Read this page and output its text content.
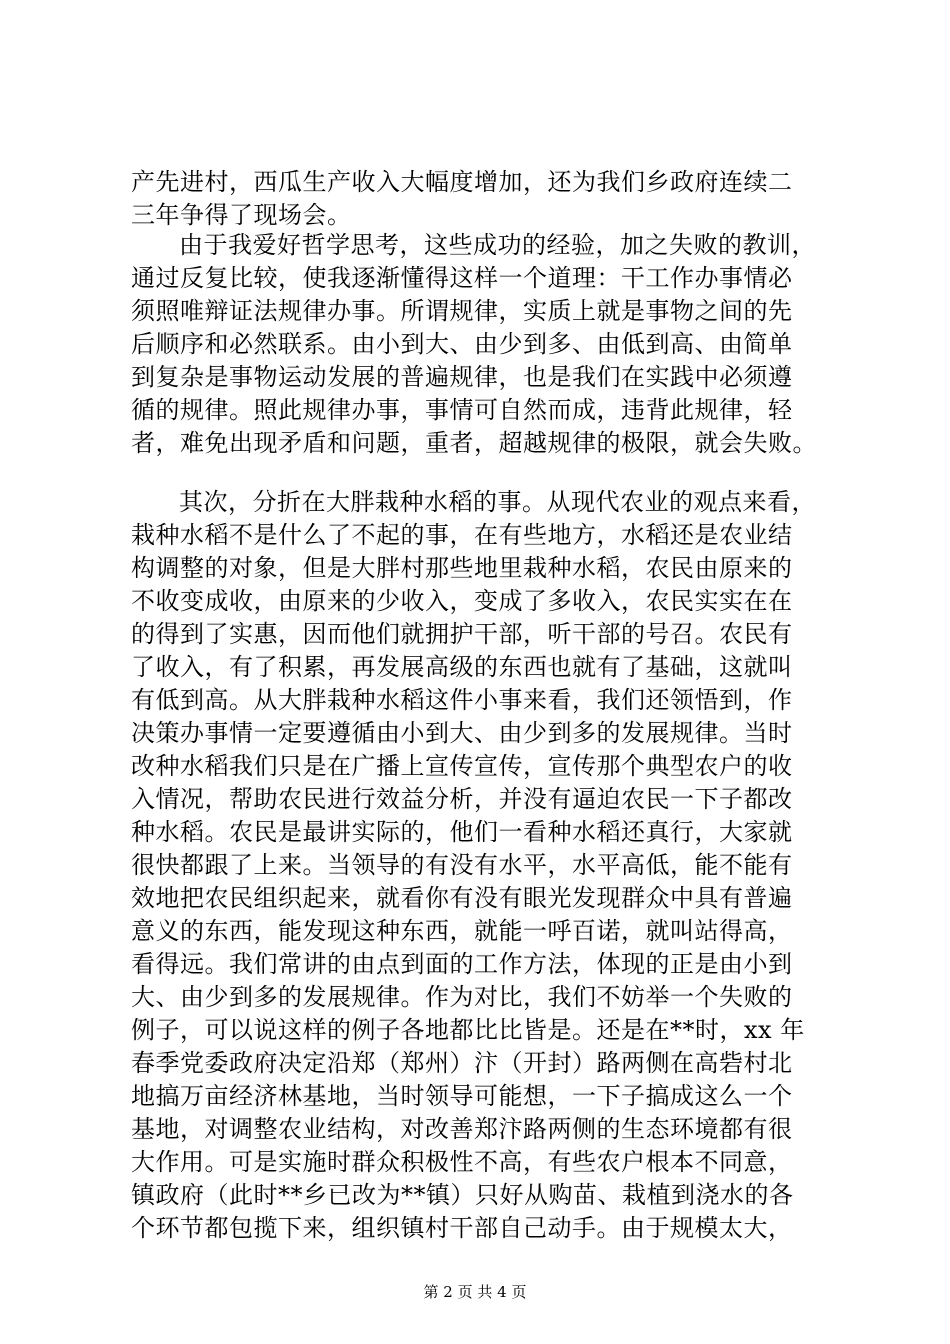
产先进村，西瓜生产收入大幅度增加，还为我们乡政府连续二
三年争得了现场会。
由于我爱好哲学思考，这些成功的经验，加之失败的教训，
通过反复比较，使我逐渐懂得这样一个道理：干工作办事情必
须照唯辩证法规律办事。所谓规律，实质上就是事物之间的先
后顺序和必然联系。由小到大、由少到多、由低到高、由简单
到复杂是事物运动发展的普遍规律，也是我们在实践中必须遵
循的规律。照此规律办事，事情可自然而成，违背此规律，轻
者，难免出现矛盾和问题，重者，超越规律的极限，就会失败。
其次，分折在大胖栽种水稻的事。从现代农业的观点来看，
栽种水稻不是什么了不起的事，在有些地方，水稻还是农业结
构调整的对象，但是大胖村那些地里栽种水稻，农民由原来的
不收变成收，由原来的少收入，变成了多收入，农民实实在在
的得到了实惠，因而他们就拥护干部，听干部的号召。农民有
了收入，有了积累，再发展高级的东西也就有了基础，这就叫
有低到高。从大胖栽种水稻这件小事来看，我们还领悟到，作
决策办事情一定要遵循由小到大、由少到多的发展规律。当时
改种水稻我们只是在广播上宣传宣传，宣传那个典型农户的收
入情况，帮助农民进行效益分析，并没有逼迫农民一下子都改
种水稻。农民是最讲实际的，他们一看种水稻还真行，大家就
很快都跟了上来。当领导的有没有水平，水平高低，能不能有
效地把农民组织起来，就看你有没有眼光发现群众中具有普遍
意义的东西，能发现这种东西，就能一呼百诺，就叫站得高，
看得远。我们常讲的由点到面的工作方法，体现的正是由小到
大、由少到多的发展规律。作为对比，我们不妨举一个失败的
例子，可以说这样的例子各地都比比皆是。还是在**时，xx 年
春季党委政府决定沿郑（郑州）汴（开封）路两侧在高砦村北
地搞万亩经济林基地，当时领导可能想，一下子搞成这么一个
基地，对调整农业结构，对改善郑汴路两侧的生态环境都有很
大作用。可是实施时群众积极性不高，有些农户根本不同意，
镇政府（此时**乡已改为**镇）只好从购苗、栽植到浇水的各
个环节都包揽下来，组织镇村干部自己动手。由于规模太大，
第 2 页 共 4 页
